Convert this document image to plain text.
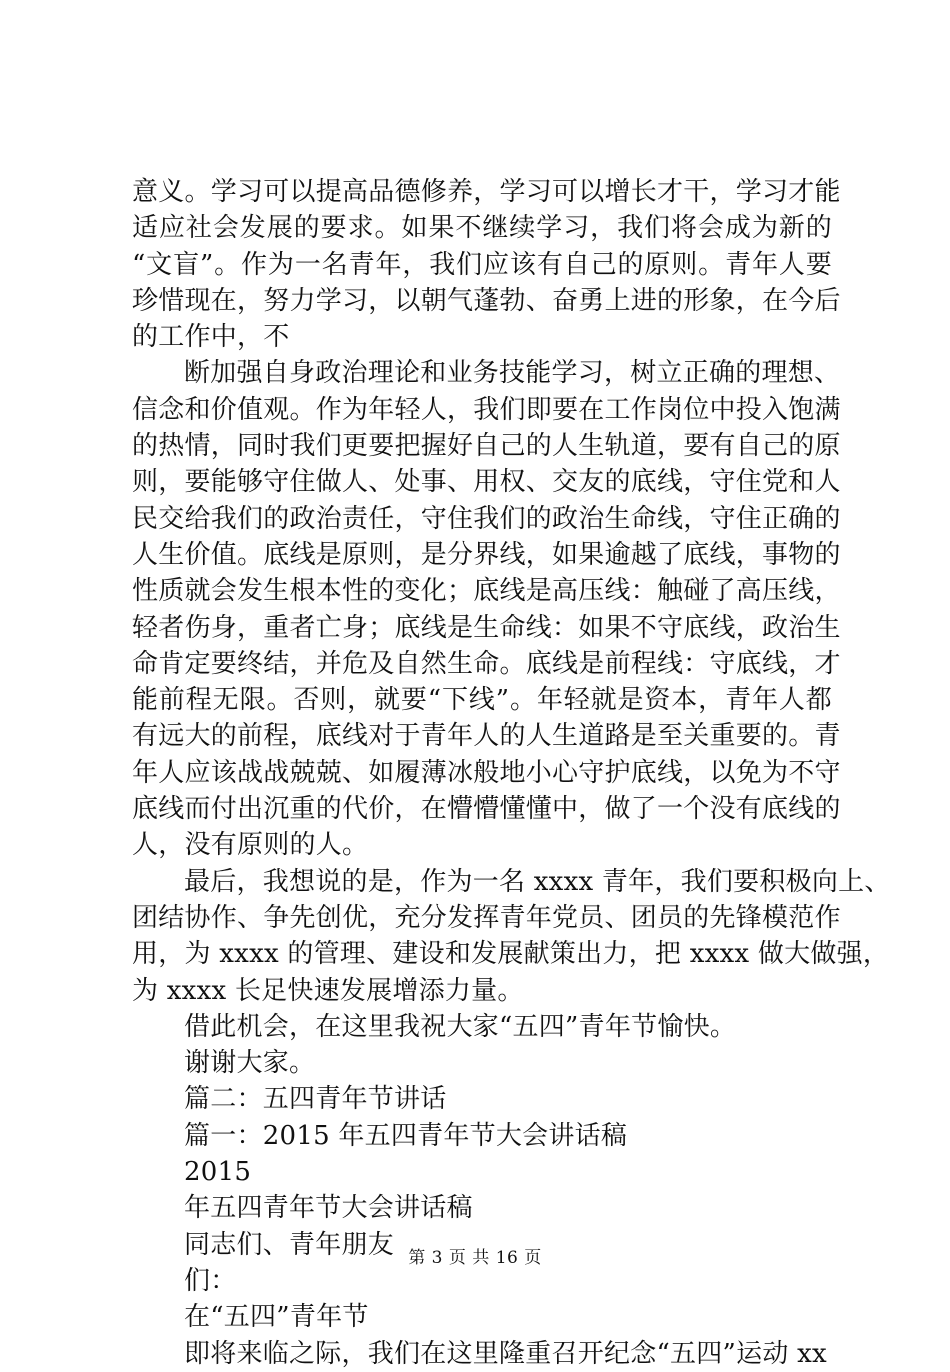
意义。学习可以提高品德修养，学习可以增长才干，学习才能
适应社会发展的要求。如果不继续学习，我们将会成为新的
“文盲”。作为一名青年，我们应该有自己的原则。青年人要
珍惜现在，努力学习，以朝气蓬勃、奋勇上进的形象，在今后
的工作中，不
断加强自身政治理论和业务技能学习，树立正确的理想、
信念和价值观。作为年轻人，我们即要在工作岗位中投入饱满
的热情，同时我们更要把握好自己的人生轨道，要有自己的原
则，要能够守住做人、处事、用权、交友的底线，守住党和人
民交给我们的政治责任，守住我们的政治生命线，守住正确的
人生价值。底线是原则，是分界线，如果逾越了底线，事物的
性质就会发生根本性的变化；底线是高压线：触碰了高压线，
轻者伤身，重者亡身；底线是生命线：如果不守底线，政治生
命肯定要终结，并危及自然生命。底线是前程线：守底线，才
能前程无限。否则，就要“下线”。年轻就是资本，青年人都
有远大的前程，底线对于青年人的人生道路是至关重要的。青
年人应该战战兢兢、如履薄冰般地小心守护底线，以免为不守
底线而付出沉重的代价，在懵懵懂懂中，做了一个没有底线的
人，没有原则的人。
最后，我想说的是，作为一名 xxxx 青年，我们要积极向上、
团结协作、争先创优，充分发挥青年党员、团员的先锋模范作
用，为 xxxx 的管理、建设和发展献策出力，把 xxxx 做大做强，
为 xxxx 长足快速发展增添力量。
借此机会，在这里我祝大家“五四”青年节愉快。
谢谢大家。
篇二：五四青年节讲话
篇一：2015 年五四青年节大会讲话稿
2015
年五四青年节大会讲话稿
同志们、青年朋友
们：
在“五四”青年节
即将来临之际，我们在这里隆重召开纪念“五四”运动 xx
第 3 页 共 16 页
